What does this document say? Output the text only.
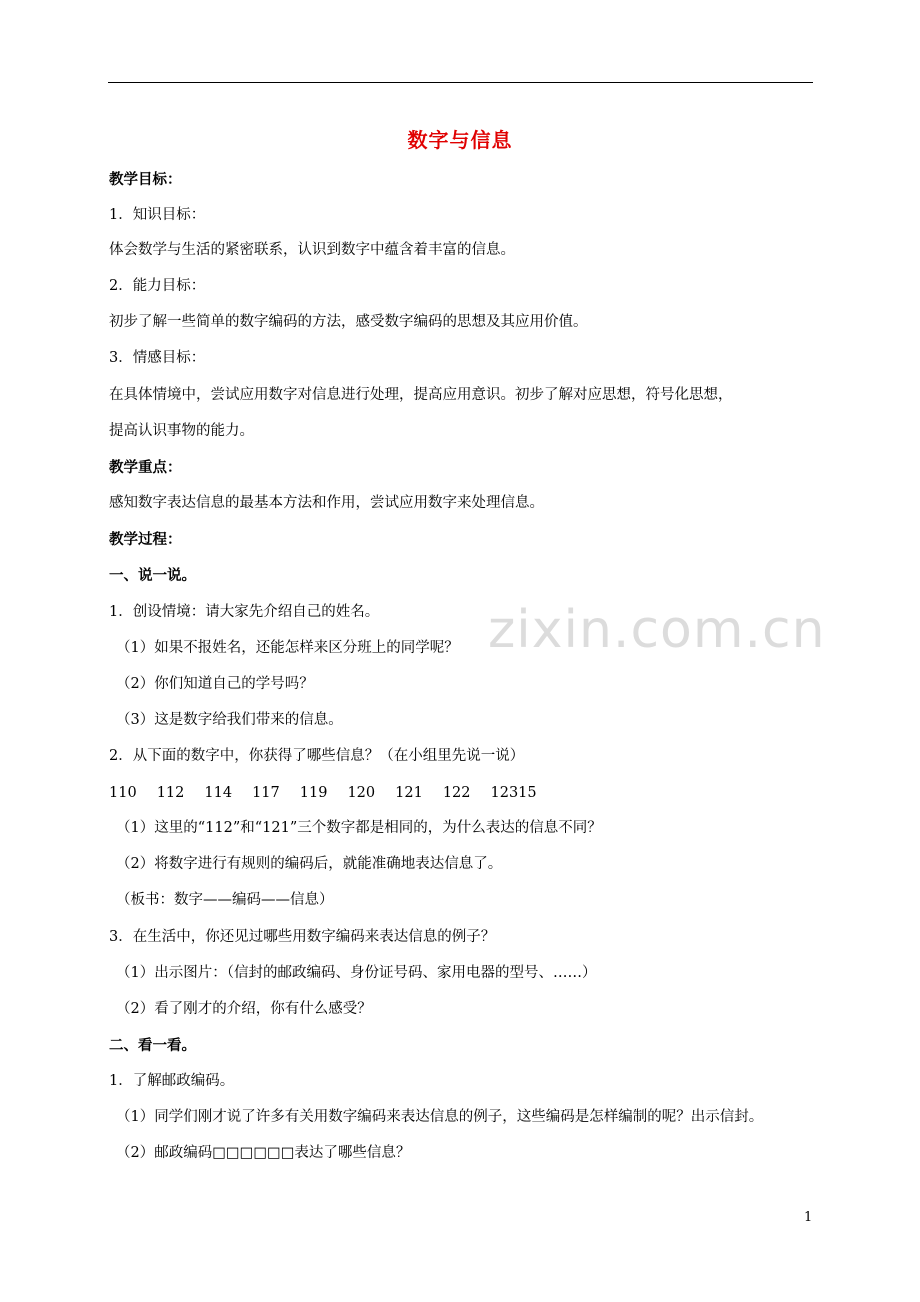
数字与信息
zixin.com.cn
教学目标：
1．知识目标：
体会数学与生活的紧密联系，认识到数字中蕴含着丰富的信息。
2．能力目标：
初步了解一些简单的数字编码的方法，感受数字编码的思想及其应用价值。
3．情感目标：
在具体情境中，尝试应用数字对信息进行处理，提高应用意识。初步了解对应思想，符号化思想，
提高认识事物的能力。
教学重点：
感知数字表达信息的最基本方法和作用，尝试应用数字来处理信息。
教学过程：
一、说一说。
1．创设情境：请大家先介绍自己的姓名。
（1）如果不报姓名，还能怎样来区分班上的同学呢？
（2）你们知道自己的学号吗？
（3）这是数字给我们带来的信息。
2．从下面的数字中，你获得了哪些信息？（在小组里先说一说）
110 112 114 117 119 120 121 122 12315
（1）这里的“112”和“121”三个数字都是相同的，为什么表达的信息不同？
（2）将数字进行有规则的编码后，就能准确地表达信息了。
（板书：数字——编码——信息）
3．在生活中，你还见过哪些用数字编码来表达信息的例子？
（1）出示图片：（信封的邮政编码、身份证号码、家用电器的型号、……）
（2）看了刚才的介绍，你有什么感受？
二、看一看。
1．了解邮政编码。
（1）同学们刚才说了许多有关用数字编码来表达信息的例子，这些编码是怎样编制的呢？出示信封。
（2）邮政编码□□□□□□表达了哪些信息？
1
